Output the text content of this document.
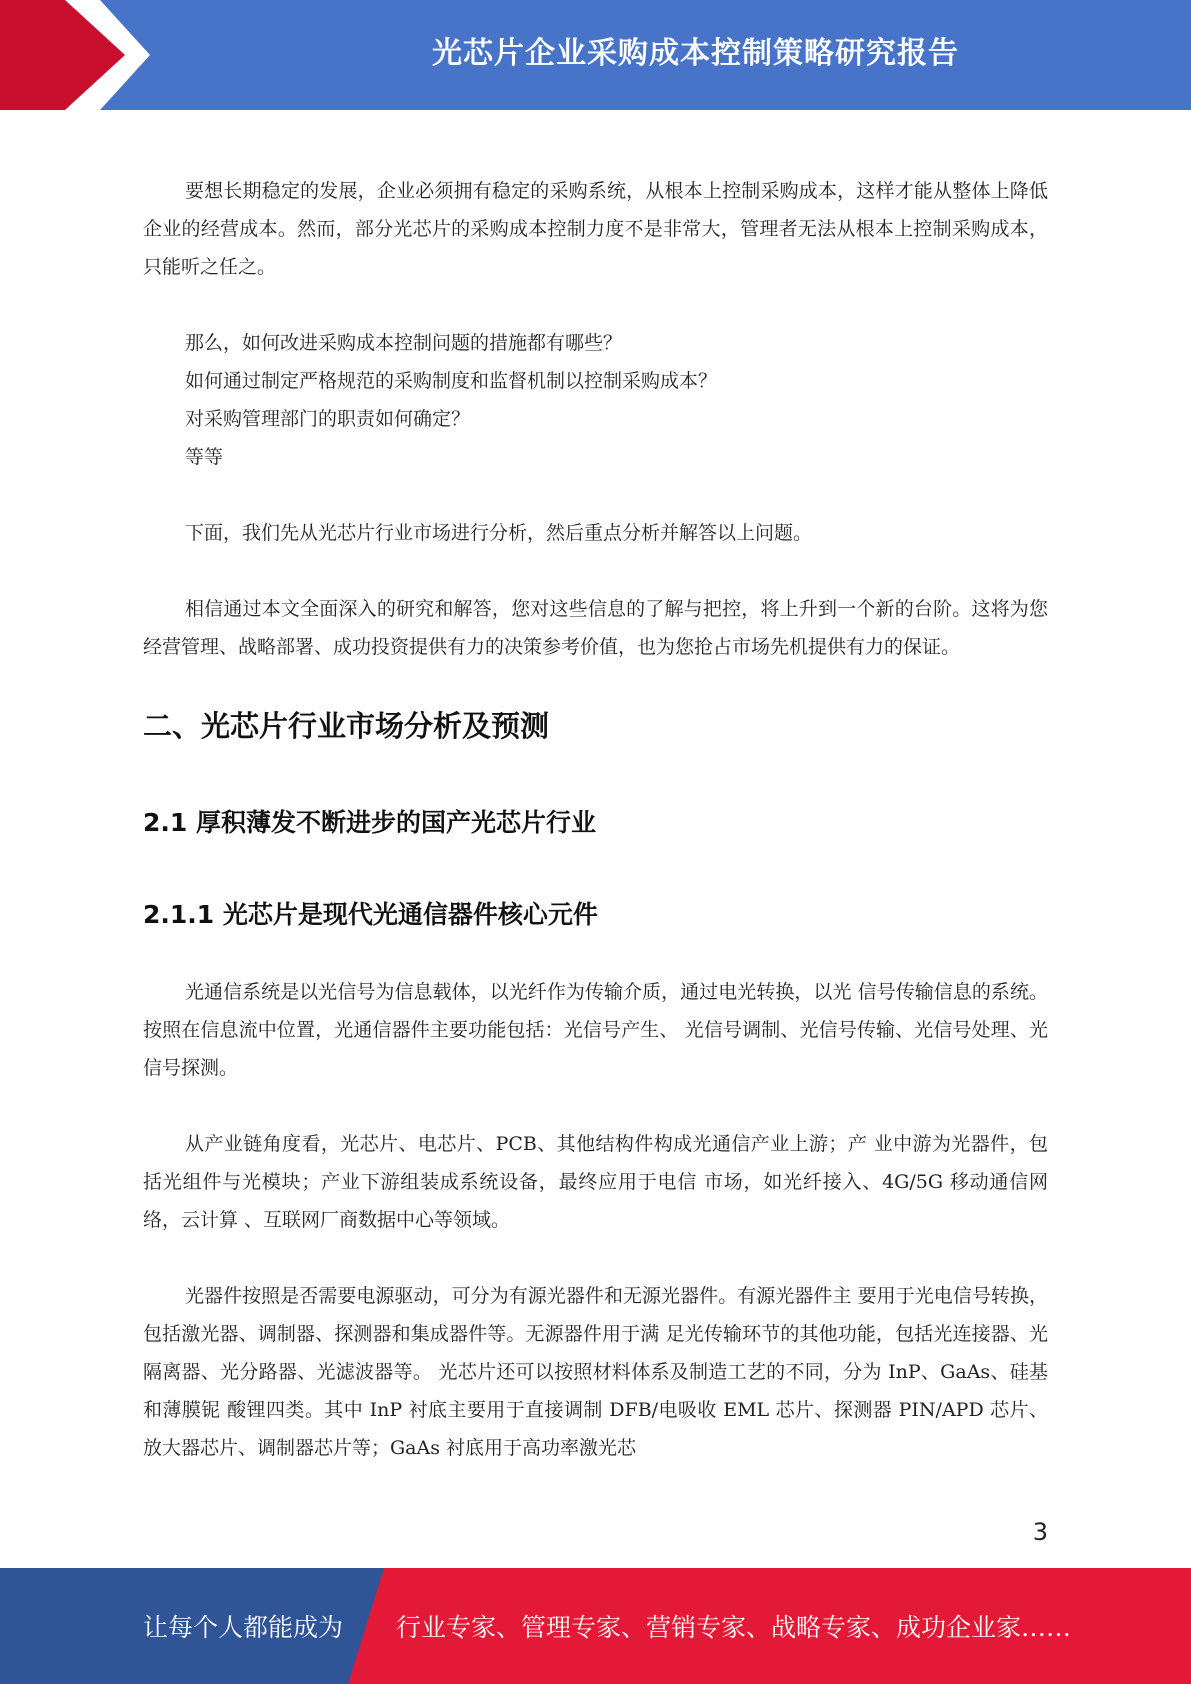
光芯片企业采购成本控制策略研究报告

要想长期稳定的发展，企业必须拥有稳定的采购系统，从根本上控制采购成本，这样才能从整体上降低企业的经营成本。然而，部分光芯片的采购成本控制力度不是非常大，管理者无法从根本上控制采购成本，只能听之任之。

那么，如何改进采购成本控制问题的措施都有哪些？

如何通过制定严格规范的采购制度和监督机制以控制采购成本？

对采购管理部门的职责如何确定？

等等

下面，我们先从光芯片行业市场进行分析，然后重点分析并解答以上问题。

相信通过本文全面深入的研究和解答，您对这些信息的了解与把控，将上升到一个新的台阶。这将为您经营管理、战略部署、成功投资提供有力的决策参考价值，也为您抢占市场先机提供有力的保证。

二、光芯片行业市场分析及预测
2.1 厚积薄发不断进步的国产光芯片行业
2.1.1 光芯片是现代光通信器件核心元件

光通信系统是以光信号为信息载体，以光纤作为传输介质，通过电光转换，以光 信号传输信息的系统。按照在信息流中位置，光通信器件主要功能包括：光信号产生、 光信号调制、光信号传输、光信号处理、光信号探测。

从产业链角度看，光芯片、电芯片、PCB、其他结构件构成光通信产业上游；产 业中游为光器件，包括光组件与光模块；产业下游组装成系统设备，最终应用于电信 市场，如光纤接入、4G/5G 移动通信网络，云计算 、互联网厂商数据中心等领域。

光器件按照是否需要电源驱动，可分为有源光器件和无源光器件。有源光器件主 要用于光电信号转换，包括激光器、调制器、探测器和集成器件等。无源器件用于满 足光传输环节的其他功能，包括光连接器、光隔离器、光分路器、光滤波器等。 光芯片还可以按照材料体系及制造工艺的不同，分为 InP、GaAs、硅基和薄膜铌 酸锂四类。其中 InP 衬底主要用于直接调制 DFB/电吸收 EML 芯片、探测器 PIN/APD 芯片、放大器芯片、调制器芯片等；GaAs 衬底用于高功率激光芯

3
让每个人都能成为 行业专家、管理专家、营销专家、战略专家、成功企业家……
